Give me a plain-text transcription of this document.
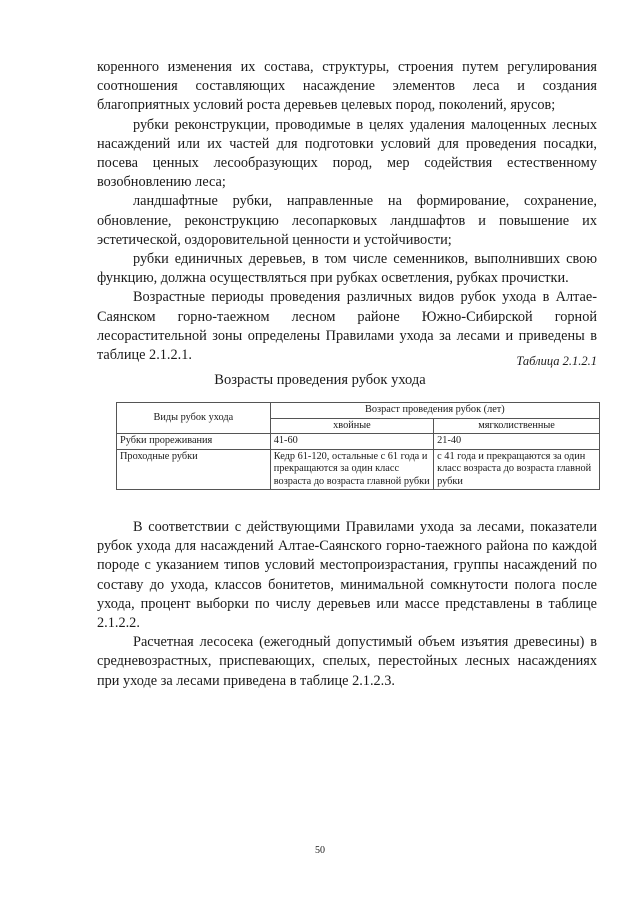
коренного изменения их состава, структуры, строения путем регулирования соотношения составляющих насаждение элементов леса и создания благоприятных условий роста деревьев целевых пород, поколений, ярусов;

рубки реконструкции, проводимые в целях удаления малоценных лесных насаждений или их частей для подготовки условий для проведения посадки, посева ценных лесообразующих пород, мер содействия естественному возобновлению леса;

ландшафтные рубки, направленные на формирование, сохранение, обновление, реконструкцию лесопарковых ландшафтов и повышение их эстетической, оздоровительной ценности и устойчивости;

рубки единичных деревьев, в том числе семенников, выполнивших свою функцию, должна осуществляться при рубках осветления, рубках прочистки.

Возрастные периоды проведения различных видов рубок ухода в Алтае-Саянском горно-таежном лесном районе Южно-Сибирской горной лесорастительной зоны определены Правилами ухода за лесами и приведены в таблице 2.1.2.1.	Таблица 2.1.2.1
Возрасты проведения рубок ухода
Виды рубок ухода	Возраст проведения рубок (лет)	
	хвойные	мягколиственные
Рубки прореживания	41-60	21-40
Проходные рубки	Кедр 61-120, остальные с 61 года и прекращаются за один класс возраста до возраста главной рубки	с 41 года и прекращаются за один класс возраста до возраста главной рубки

В соответствии с действующими Правилами ухода за лесами, показатели рубок ухода для насаждений Алтае-Саянского горно-таежного района по каждой породе с указанием типов условий местопроизрастания, группы насаждений по составу до ухода, классов бонитетов, минимальной сомкнутости полога после ухода, процент выборки по числу деревьев или массе представлены в таблице 2.1.2.2.

Расчетная лесосека (ежегодный допустимый объем изъятия древесины) в средневозрастных, приспевающих, спелых, перестойных лесных насаждениях при уходе за лесами приведена в таблице 2.1.2.3.

50
